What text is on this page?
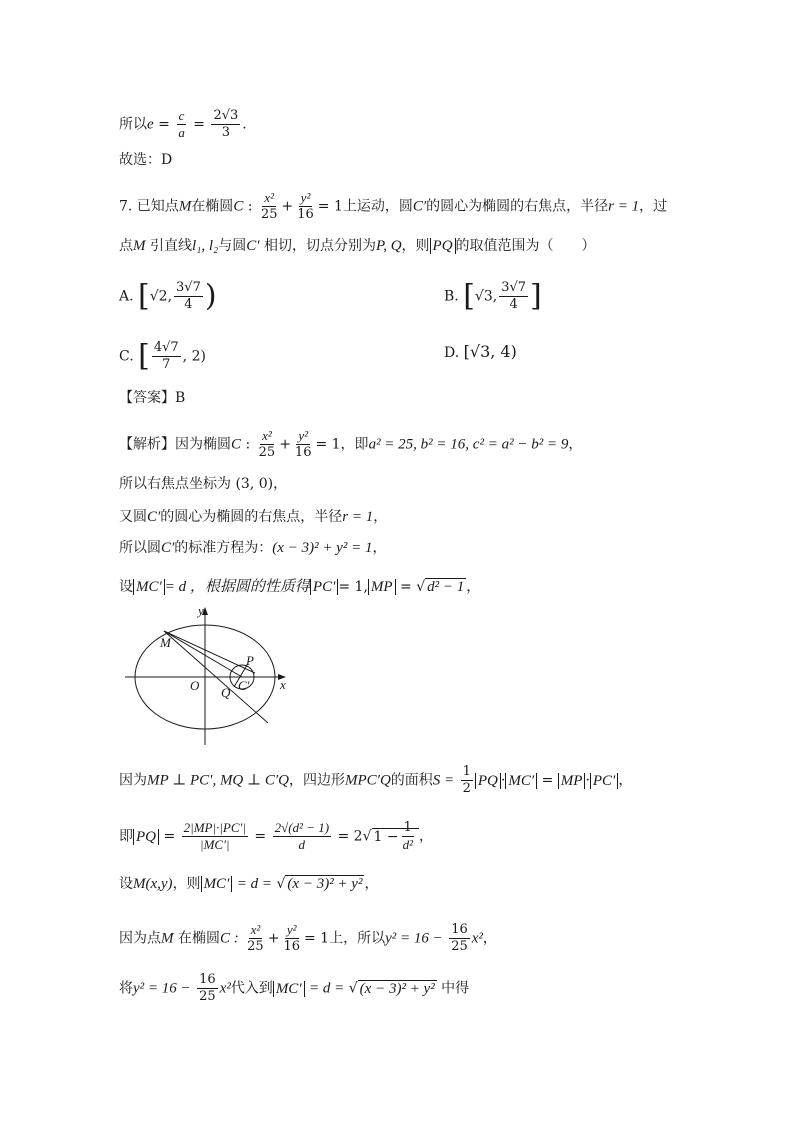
所以$e = \frac{c}{a} = \frac{2√3}{3}$ .
故选：D
7. 已知点M在椭圆C : $\frac{\text{x²}}{25} + \frac{\text{y²}}{16} = 1$上运动，圆C′的圆心为椭圆的右焦点，半径r = 1，过
点M 引直线l₁, l₂与圆C′ 相切，切点分别为P, Q，则 PQ 的取值范围为（　　）
A. [√2, $\frac{3√7}{4}$ )	B. [√3, $\frac{3√7}{4}$ ]
C. [ $\frac{4√7}{7}$ , 2)	D. [√3, 4)
【答案】B
【解析】因为椭圆C : $\frac{\text{x²}}{25} + \frac{\text{y²}}{16} = 1$，即a² = 25, b² = 16, c² = a² − b² = 9，
所以右焦点坐标为 (3, 0)，
又圆C′的圆心为椭圆的右焦点，半径r = 1，
所以圆C′的标准方程为：(x − 3)² + y² = 1，
设 MC′ = d ，根据圆的性质得 PC′ = 1, MP = √ d² − 1 ，
y
M
P
O Q C′ x
因为MP ⊥ PC′, MQ ⊥ C′Q，四边形MPC′Q的面积$S = \frac{1}{2}$ PQ · MC′ = MP · PC′ ，
即 PQ = $\frac{2|MP|\cdot|PC'|}{|MC'|} = \frac{\text{2√(d² − 1)}}{d} = 2√$ $1 - \frac{1}{\text{d²}}$ ，
设M(x,y)，则 MC′ = d = √ (x − 3)² + y² ，
因为点M 在椭圆C : $\frac{\text{x²}}{25} + \frac{\text{y²}}{16} = 1$上，所以$y^2 = 16 - \frac{16}{25} x^2$，
将$y^2 = 16 - \frac{16}{25} x^2$代入到 MC′ = d = √ (x − 3)² + y² 中得
